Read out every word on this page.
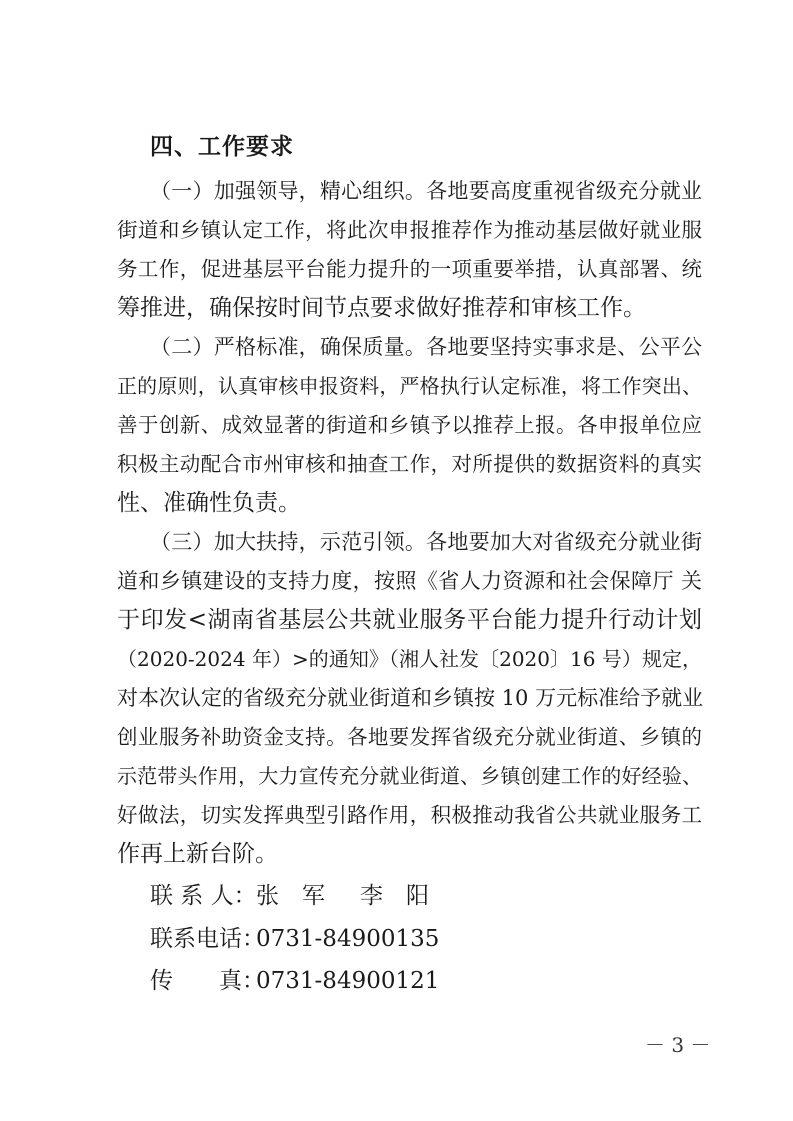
四、工作要求
（一）加强领导，精心组织。各地要高度重视省级充分就业
街道和乡镇认定工作，将此次申报推荐作为推动基层做好就业服
务工作，促进基层平台能力提升的一项重要举措，认真部署、统
筹推进，确保按时间节点要求做好推荐和审核工作。
（二）严格标准，确保质量。各地要坚持实事求是、公平公
正的原则，认真审核申报资料，严格执行认定标准，将工作突出、
善于创新、成效显著的街道和乡镇予以推荐上报。各申报单位应
积极主动配合市州审核和抽查工作，对所提供的数据资料的真实
性、准确性负责。
（三）加大扶持，示范引领。各地要加大对省级充分就业街
道和乡镇建设的支持力度，按照《省人力资源和社会保障厅 关
于印发<湖南省基层公共就业服务平台能力提升行动计划
（2020-2024 年）>的通知》（湘人社发〔2020〕16 号）规定，
对本次认定的省级充分就业街道和乡镇按 10 万元标准给予就业
创业服务补助资金支持。各地要发挥省级充分就业街道、乡镇的
示范带头作用，大力宣传充分就业街道、乡镇创建工作的好经验、
好做法，切实发挥典型引路作用，积极推动我省公共就业服务工
作再上新台阶。
联 系 人： 张　军 李　阳
联系电话：
0731-84900135
传　　真：
0731-84900121
－ 3 －
